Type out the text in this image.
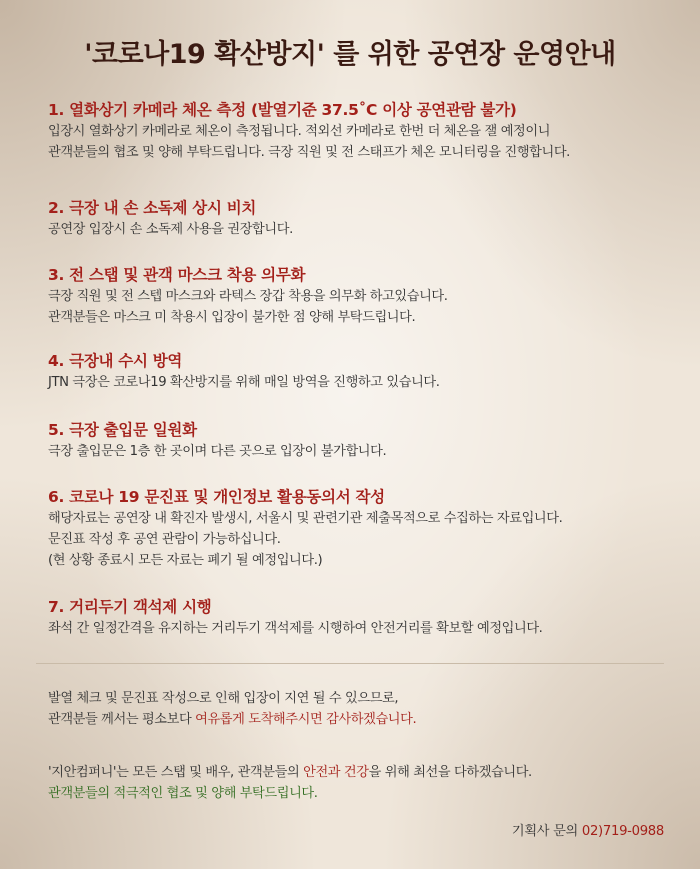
'코로나19 확산방지' 를 위한 공연장 운영안내
1. 열화상기 카메라 체온 측정 (발열기준 37.5˚C 이상 공연관람 불가)
입장시 열화상기 카메라로 체온이 측정됩니다. 적외선 카메라로 한번 더 체온을 잴 예정이니
관객분들의 협조 및 양해 부탁드립니다. 극장 직원 및 전 스태프가 체온 모니터링을 진행합니다.
2. 극장 내 손 소독제 상시 비치
공연장 입장시 손 소독제 사용을 권장합니다.
3. 전 스탭 및 관객 마스크 착용 의무화
극장 직원 및 전 스텝 마스크와 라텍스 장갑 착용을 의무화 하고있습니다.
관객분들은 마스크 미 착용시 입장이 불가한 점 양해 부탁드립니다.
4. 극장내 수시 방역
JTN 극장은 코로나19 확산방지를 위해 매일 방역을 진행하고 있습니다.
5. 극장 출입문 일원화
극장 출입문은 1층 한 곳이며 다른 곳으로 입장이 불가합니다.
6. 코로나 19 문진표 및 개인정보 활용동의서 작성
해당자료는 공연장 내 확진자 발생시, 서울시 및 관련기관 제출목적으로 수집하는 자료입니다.
문진표 작성 후 공연 관람이 가능하십니다.
(현 상황 종료시 모든 자료는 폐기 될 예정입니다.)
7. 거리두기 객석제 시행
좌석 간 일정간격을 유지하는 거리두기 객석제를 시행하여 안전거리를 확보할 예정입니다.
발열 체크 및 문진표 작성으로 인해 입장이 지연 될 수 있으므로,
관객분들 께서는 평소보다 여유롭게 도착해주시면 감사하겠습니다.
'지안컴퍼니'는 모든 스탭 및 배우, 관객분들의 안전과 건강을 위해 최선을 다하겠습니다.
관객분들의 적극적인 협조 및 양해 부탁드립니다.
기획사 문의 02)719-0988
